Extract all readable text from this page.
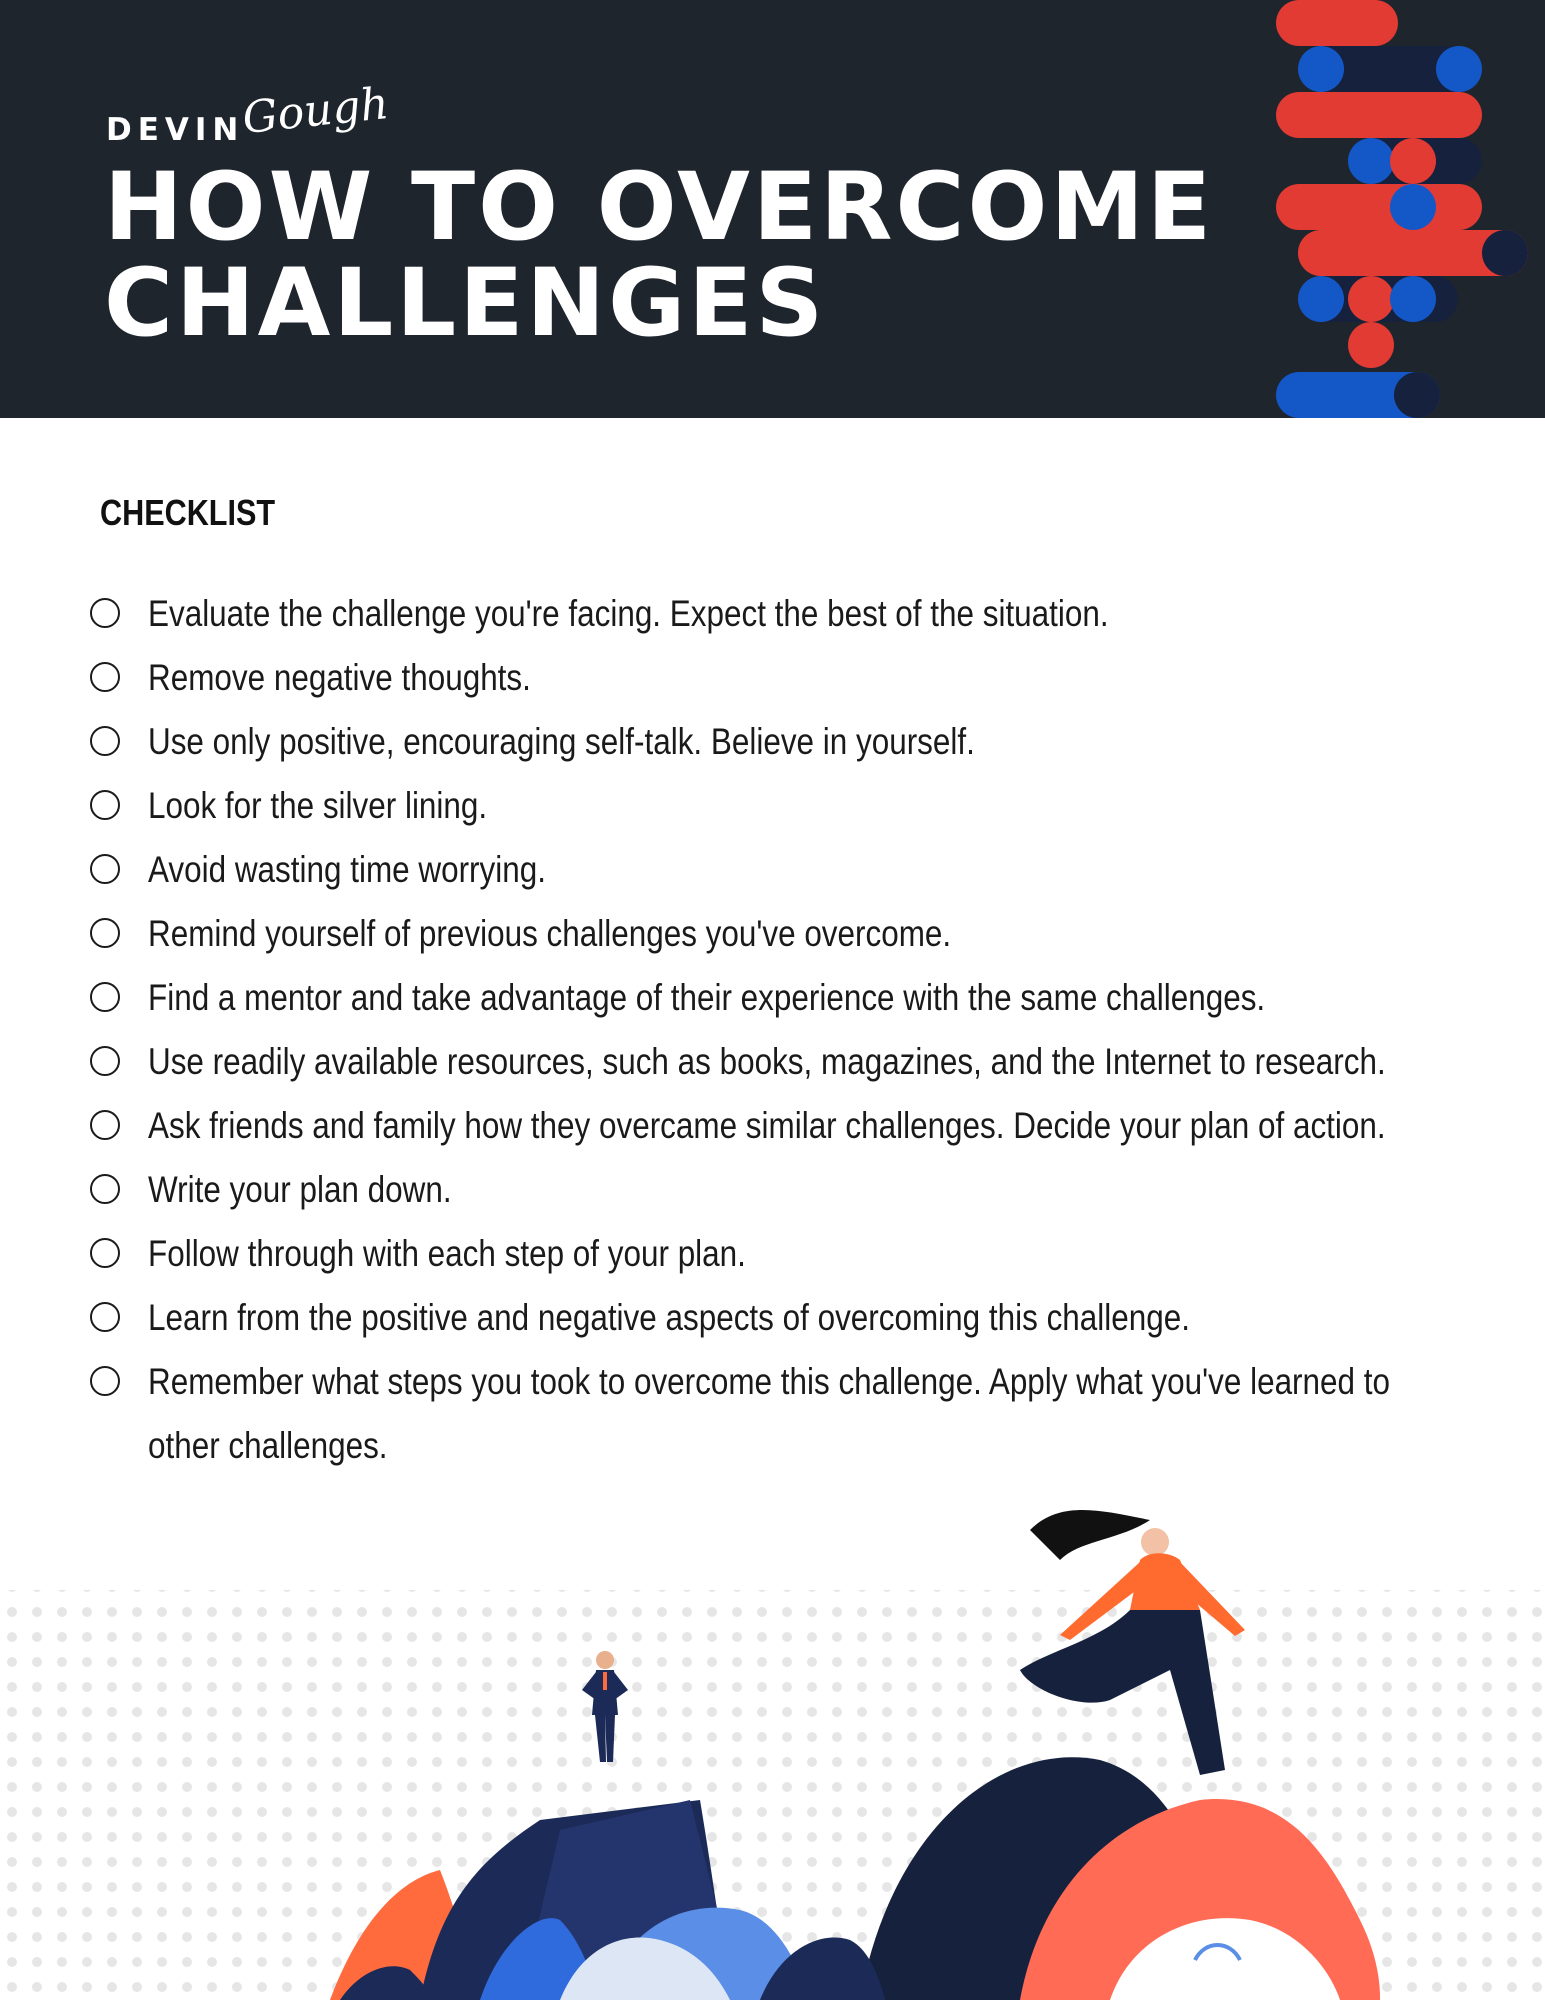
DEVIN
Gough
HOW TO OVERCOME
CHALLENGES
CHECKLIST
Evaluate the challenge you're facing. Expect the best of the situation.
Remove negative thoughts.
Use only positive, encouraging self-talk. Believe in yourself.
Look for the silver lining.
Avoid wasting time worrying.
Remind yourself of previous challenges you've overcome.
Find a mentor and take advantage of their experience with the same challenges.
Use readily available resources, such as books, magazines, and the Internet to research.
Ask friends and family how they overcame similar challenges. Decide your plan of action.
Write your plan down.
Follow through with each step of your plan.
Learn from the positive and negative aspects of overcoming this challenge.
Remember what steps you took to overcome this challenge. Apply what you've learned to other challenges.
